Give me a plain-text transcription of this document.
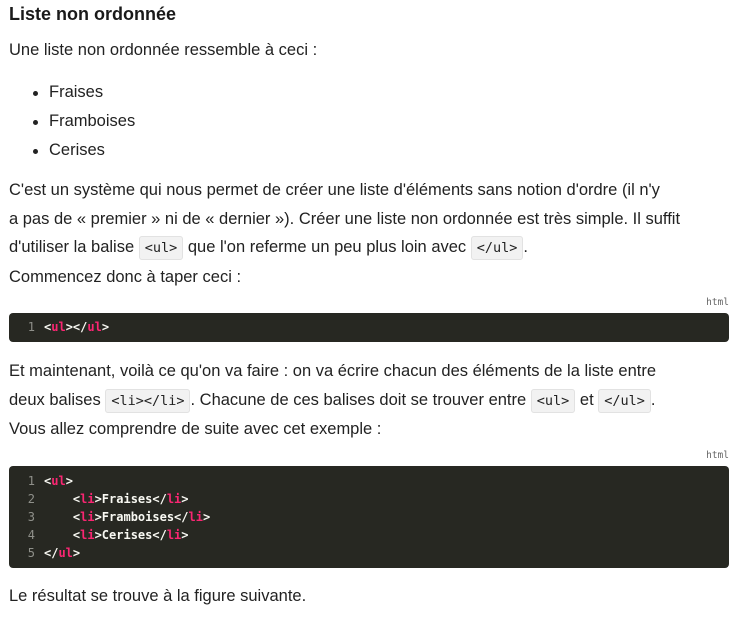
Liste non ordonnée

Une liste non ordonnée ressemble à ceci :

Fraises
Framboises
Cerises
C'est un système qui nous permet de créer une liste d'éléments sans notion d'ordre (il n'y
a pas de « premier » ni de « dernier »). Créer une liste non ordonnée est très simple. Il suffit
d'utiliser la balise <ul> que l'on referme un peu plus loin avec </ul> .
Commencez donc à taper ceci :
html
1 <ul></ul>
Et maintenant, voilà ce qu'on va faire : on va écrire chacun des éléments de la liste entre
deux balises <li></li> . Chacune de ces balises doit se trouver entre <ul> et </ul> .
Vous allez comprendre de suite avec cet exemple :
html
1 <ul>
2    <li>Fraises</li>
3    <li>Framboises</li>
4    <li>Cerises</li>
5 </ul>

Le résultat se trouve à la figure suivante.
